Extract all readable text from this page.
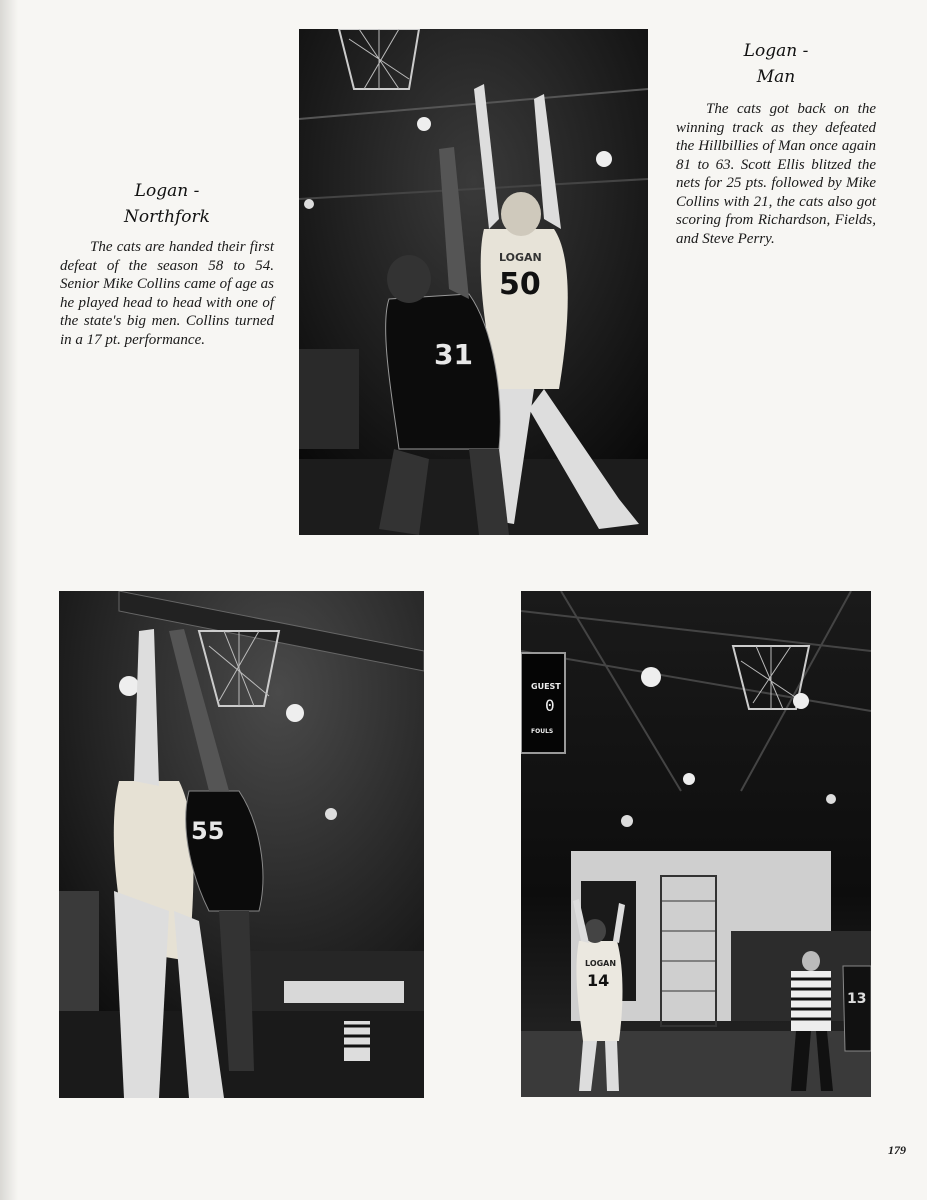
Logan -
Northfork

The cats are handed their first defeat of the season 58 to 54. Senior Mike Collins came of age as he played head to head with one of the state's big men. Collins turned in a 17 pt. performance.

Logan -
Man

The cats got back on the winning track as they defeated the Hillbillies of Man once again 81 to 63. Scott Ellis blitzed the nets for 25 pts. followed by Mike Collins with 21, the cats also got scoring from Richardson, Fields, and Steve Perry.

50
LOGAN
31
55
GUEST
0
FOULS
LOGAN
14
13
179
